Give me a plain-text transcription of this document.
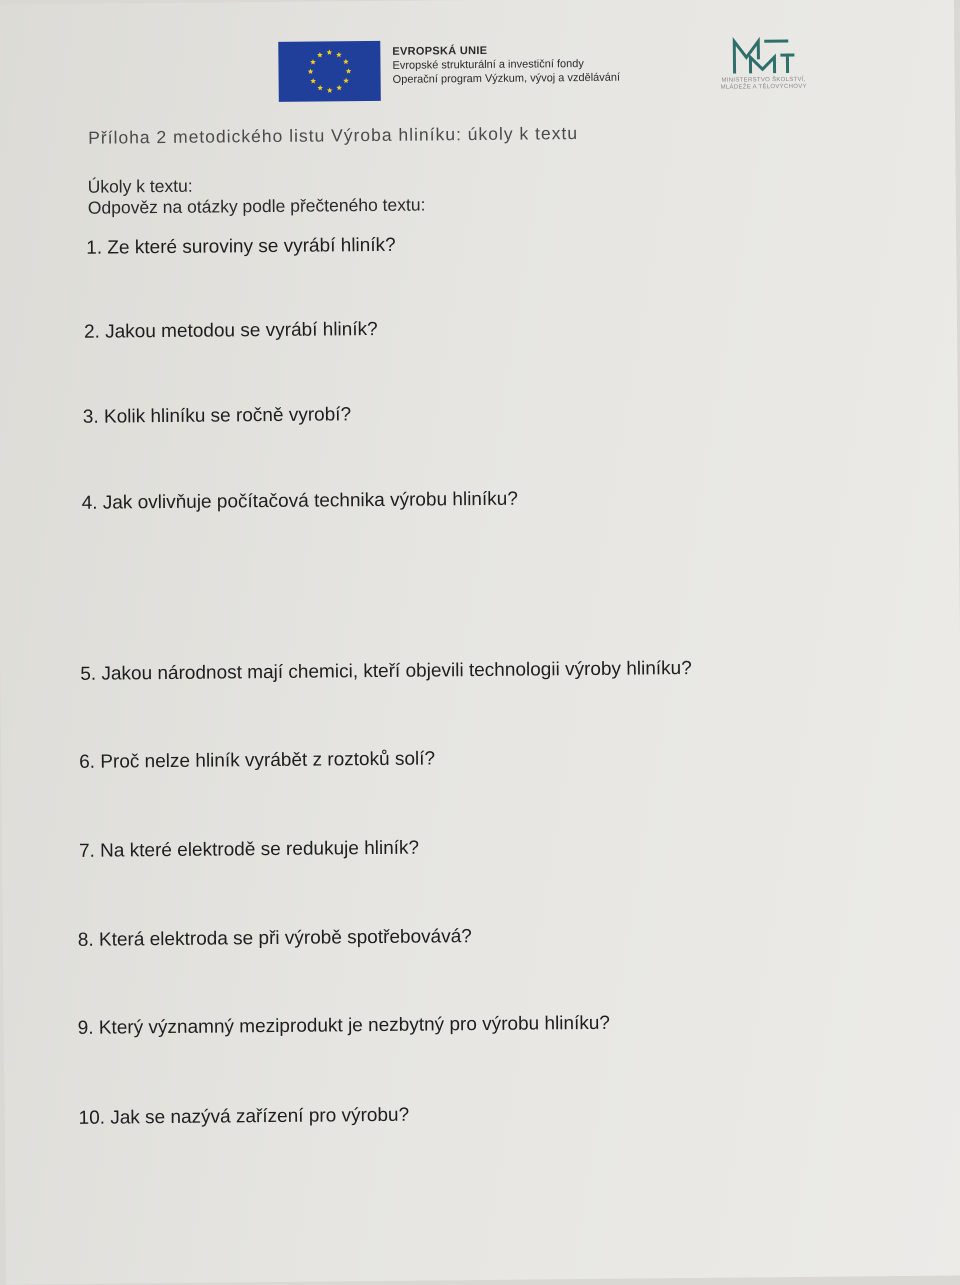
EVROPSKÁ UNIE
Evropské strukturální a investiční fondy
Operační program Výzkum, vývoj a vzdělávání	MINISTERSTVO ŠKOLSTVÍ,
MLÁDEŽE A TĚLOVÝCHOVY
Příloha 2 metodického listu Výroba hliníku: úkoly k textu
Úkoly k textu:
Odpověz na otázky podle přečteného textu:
1. Ze které suroviny se vyrábí hliník?
2. Jakou metodou se vyrábí hliník?
3. Kolik hliníku se ročně vyrobí?
4. Jak ovlivňuje počítačová technika výrobu hliníku?
5. Jakou národnost mají chemici, kteří objevili technologii výroby hliníku?
6. Proč nelze hliník vyrábět z roztoků solí?
7. Na které elektrodě se redukuje hliník?
8. Která elektroda se při výrobě spotřebovává?
9. Který významný meziprodukt je nezbytný pro výrobu hliníku?
10. Jak se nazývá zařízení pro výrobu?
